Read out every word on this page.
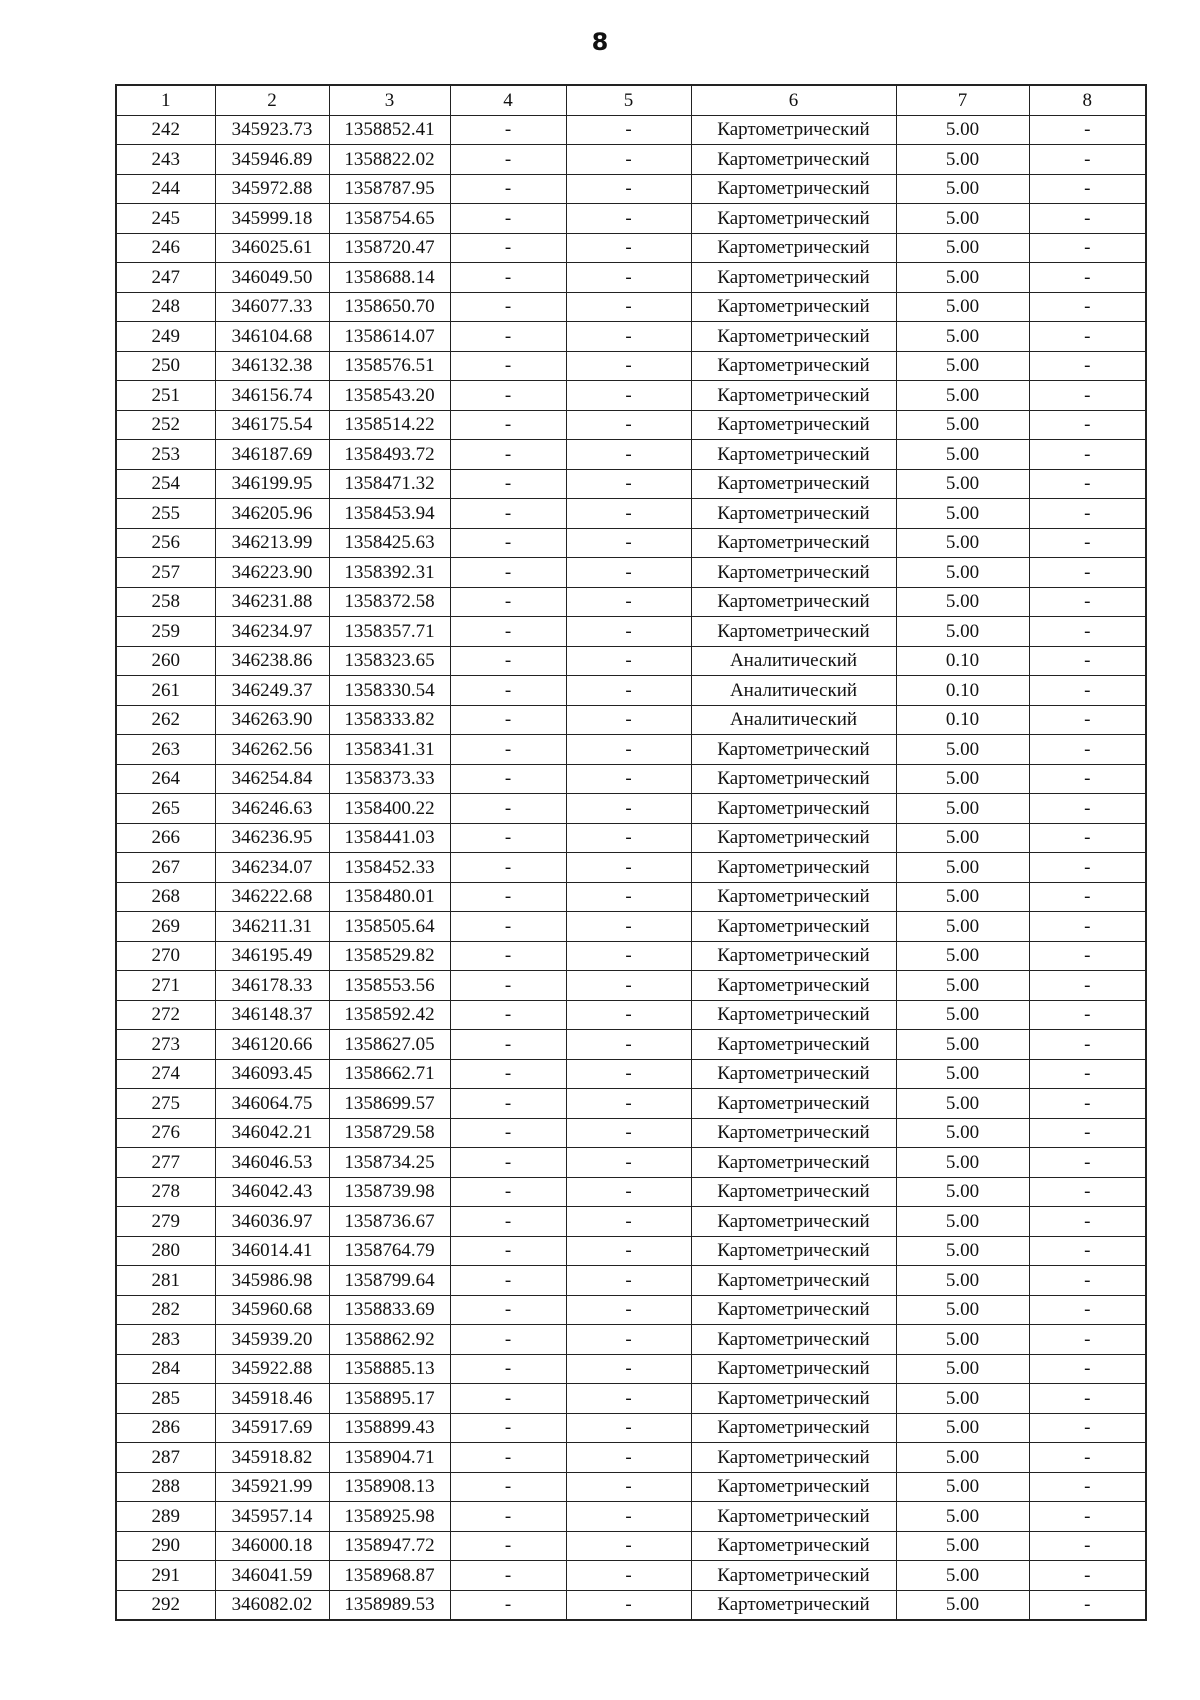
8
1	2	3	4	5	6	7	8
242	345923.73	1358852.41	-	-	Картометрический	5.00	-
243	345946.89	1358822.02	-	-	Картометрический	5.00	-
244	345972.88	1358787.95	-	-	Картометрический	5.00	-
245	345999.18	1358754.65	-	-	Картометрический	5.00	-
246	346025.61	1358720.47	-	-	Картометрический	5.00	-
247	346049.50	1358688.14	-	-	Картометрический	5.00	-
248	346077.33	1358650.70	-	-	Картометрический	5.00	-
249	346104.68	1358614.07	-	-	Картометрический	5.00	-
250	346132.38	1358576.51	-	-	Картометрический	5.00	-
251	346156.74	1358543.20	-	-	Картометрический	5.00	-
252	346175.54	1358514.22	-	-	Картометрический	5.00	-
253	346187.69	1358493.72	-	-	Картометрический	5.00	-
254	346199.95	1358471.32	-	-	Картометрический	5.00	-
255	346205.96	1358453.94	-	-	Картометрический	5.00	-
256	346213.99	1358425.63	-	-	Картометрический	5.00	-
257	346223.90	1358392.31	-	-	Картометрический	5.00	-
258	346231.88	1358372.58	-	-	Картометрический	5.00	-
259	346234.97	1358357.71	-	-	Картометрический	5.00	-
260	346238.86	1358323.65	-	-	Аналитический	0.10	-
261	346249.37	1358330.54	-	-	Аналитический	0.10	-
262	346263.90	1358333.82	-	-	Аналитический	0.10	-
263	346262.56	1358341.31	-	-	Картометрический	5.00	-
264	346254.84	1358373.33	-	-	Картометрический	5.00	-
265	346246.63	1358400.22	-	-	Картометрический	5.00	-
266	346236.95	1358441.03	-	-	Картометрический	5.00	-
267	346234.07	1358452.33	-	-	Картометрический	5.00	-
268	346222.68	1358480.01	-	-	Картометрический	5.00	-
269	346211.31	1358505.64	-	-	Картометрический	5.00	-
270	346195.49	1358529.82	-	-	Картометрический	5.00	-
271	346178.33	1358553.56	-	-	Картометрический	5.00	-
272	346148.37	1358592.42	-	-	Картометрический	5.00	-
273	346120.66	1358627.05	-	-	Картометрический	5.00	-
274	346093.45	1358662.71	-	-	Картометрический	5.00	-
275	346064.75	1358699.57	-	-	Картометрический	5.00	-
276	346042.21	1358729.58	-	-	Картометрический	5.00	-
277	346046.53	1358734.25	-	-	Картометрический	5.00	-
278	346042.43	1358739.98	-	-	Картометрический	5.00	-
279	346036.97	1358736.67	-	-	Картометрический	5.00	-
280	346014.41	1358764.79	-	-	Картометрический	5.00	-
281	345986.98	1358799.64	-	-	Картометрический	5.00	-
282	345960.68	1358833.69	-	-	Картометрический	5.00	-
283	345939.20	1358862.92	-	-	Картометрический	5.00	-
284	345922.88	1358885.13	-	-	Картометрический	5.00	-
285	345918.46	1358895.17	-	-	Картометрический	5.00	-
286	345917.69	1358899.43	-	-	Картометрический	5.00	-
287	345918.82	1358904.71	-	-	Картометрический	5.00	-
288	345921.99	1358908.13	-	-	Картометрический	5.00	-
289	345957.14	1358925.98	-	-	Картометрический	5.00	-
290	346000.18	1358947.72	-	-	Картометрический	5.00	-
291	346041.59	1358968.87	-	-	Картометрический	5.00	-
292	346082.02	1358989.53	-	-	Картометрический	5.00	-
